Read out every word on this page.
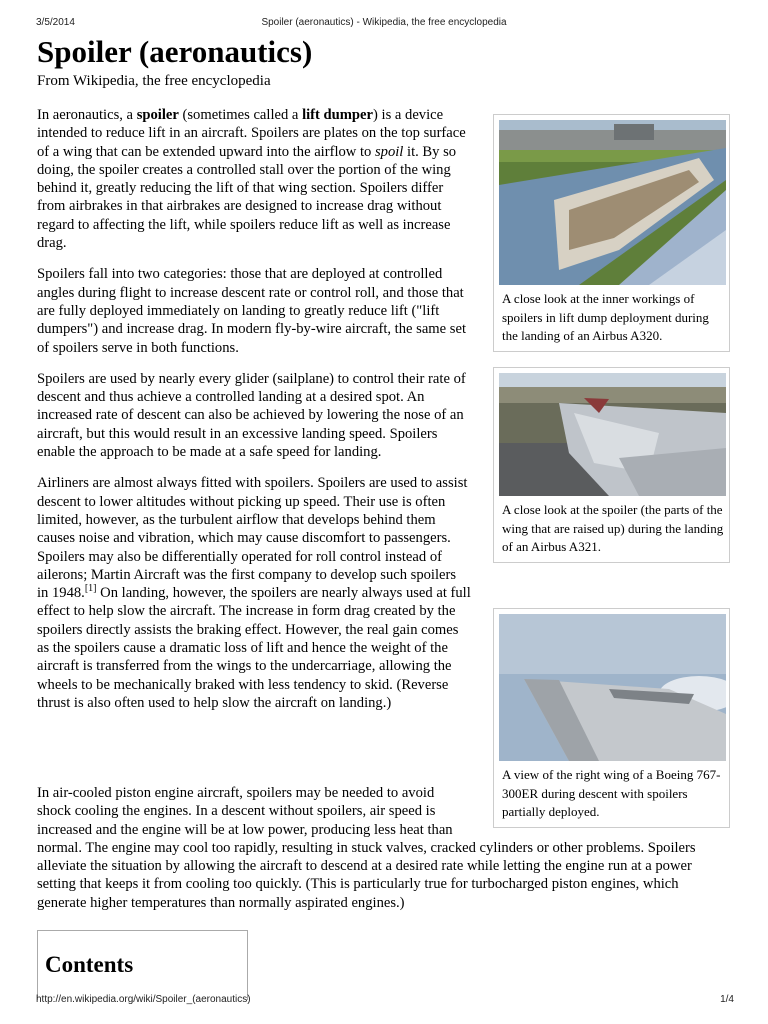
3/5/2014	Spoiler (aeronautics) - Wikipedia, the free encyclopedia
Spoiler (aeronautics)
From Wikipedia, the free encyclopedia

In aeronautics, a spoiler (sometimes called a lift dumper) is a device intended to reduce lift in an aircraft. Spoilers are plates on the top surface of a wing that can be extended upward into the airflow to spoil it. By so doing, the spoiler creates a controlled stall over the portion of the wing behind it, greatly reducing the lift of that wing section. Spoilers differ from airbrakes in that airbrakes are designed to increase drag without regard to affecting the lift, while spoilers reduce lift as well as increase drag.

Spoilers fall into two categories: those that are deployed at controlled angles during flight to increase descent rate or control roll, and those that are fully deployed immediately on landing to greatly reduce lift ("lift dumpers") and increase drag. In modern fly-by-wire aircraft, the same set of spoilers serve in both functions.

Spoilers are used by nearly every glider (sailplane) to control their rate of descent and thus achieve a controlled landing at a desired spot. An increased rate of descent can also be achieved by lowering the nose of an aircraft, but this would result in an excessive landing speed. Spoilers enable the approach to be made at a safe speed for landing.

Airliners are almost always fitted with spoilers. Spoilers are used to assist descent to lower altitudes without picking up speed. Their use is often limited, however, as the turbulent airflow that develops behind them causes noise and vibration, which may cause discomfort to passengers. Spoilers may also be differentially operated for roll control instead of ailerons; Martin Aircraft was the first company to develop such spoilers in 1948.[1] On landing, however, the spoilers are nearly always used at full effect to help slow the aircraft. The increase in form drag created by the spoilers directly assists the braking effect. However, the real gain comes as the spoilers cause a dramatic loss of lift and hence the weight of the aircraft is transferred from the wings to the undercarriage, allowing the wheels to be mechanically braked with less tendency to skid. (Reverse thrust is also often used to help slow the aircraft on landing.)

A close look at the inner workings of spoilers in lift dump deployment during the landing of an Airbus A320.
A close look at the spoiler (the parts of the wing that are raised up) during the landing of an Airbus A321.
A view of the right wing of a Boeing 767-300ER during descent with spoilers partially deployed.
In air-cooled piston engine aircraft, spoilers may be needed to avoid shock cooling the engines. In a descent without spoilers, air speed is increased and the engine will be at low power, producing less heat than normal. The engine may cool too rapidly, resulting in stuck valves, cracked cylinders or other problems. Spoilers alleviate the situation by allowing the aircraft to descend at a desired rate while letting the engine run at a power setting that keeps it from cooling too quickly. (This is particularly true for turbocharged piston engines, which generate higher temperatures than normally aspirated engines.)
Contents
http://en.wikipedia.org/wiki/Spoiler_(aeronautics)	1/4
